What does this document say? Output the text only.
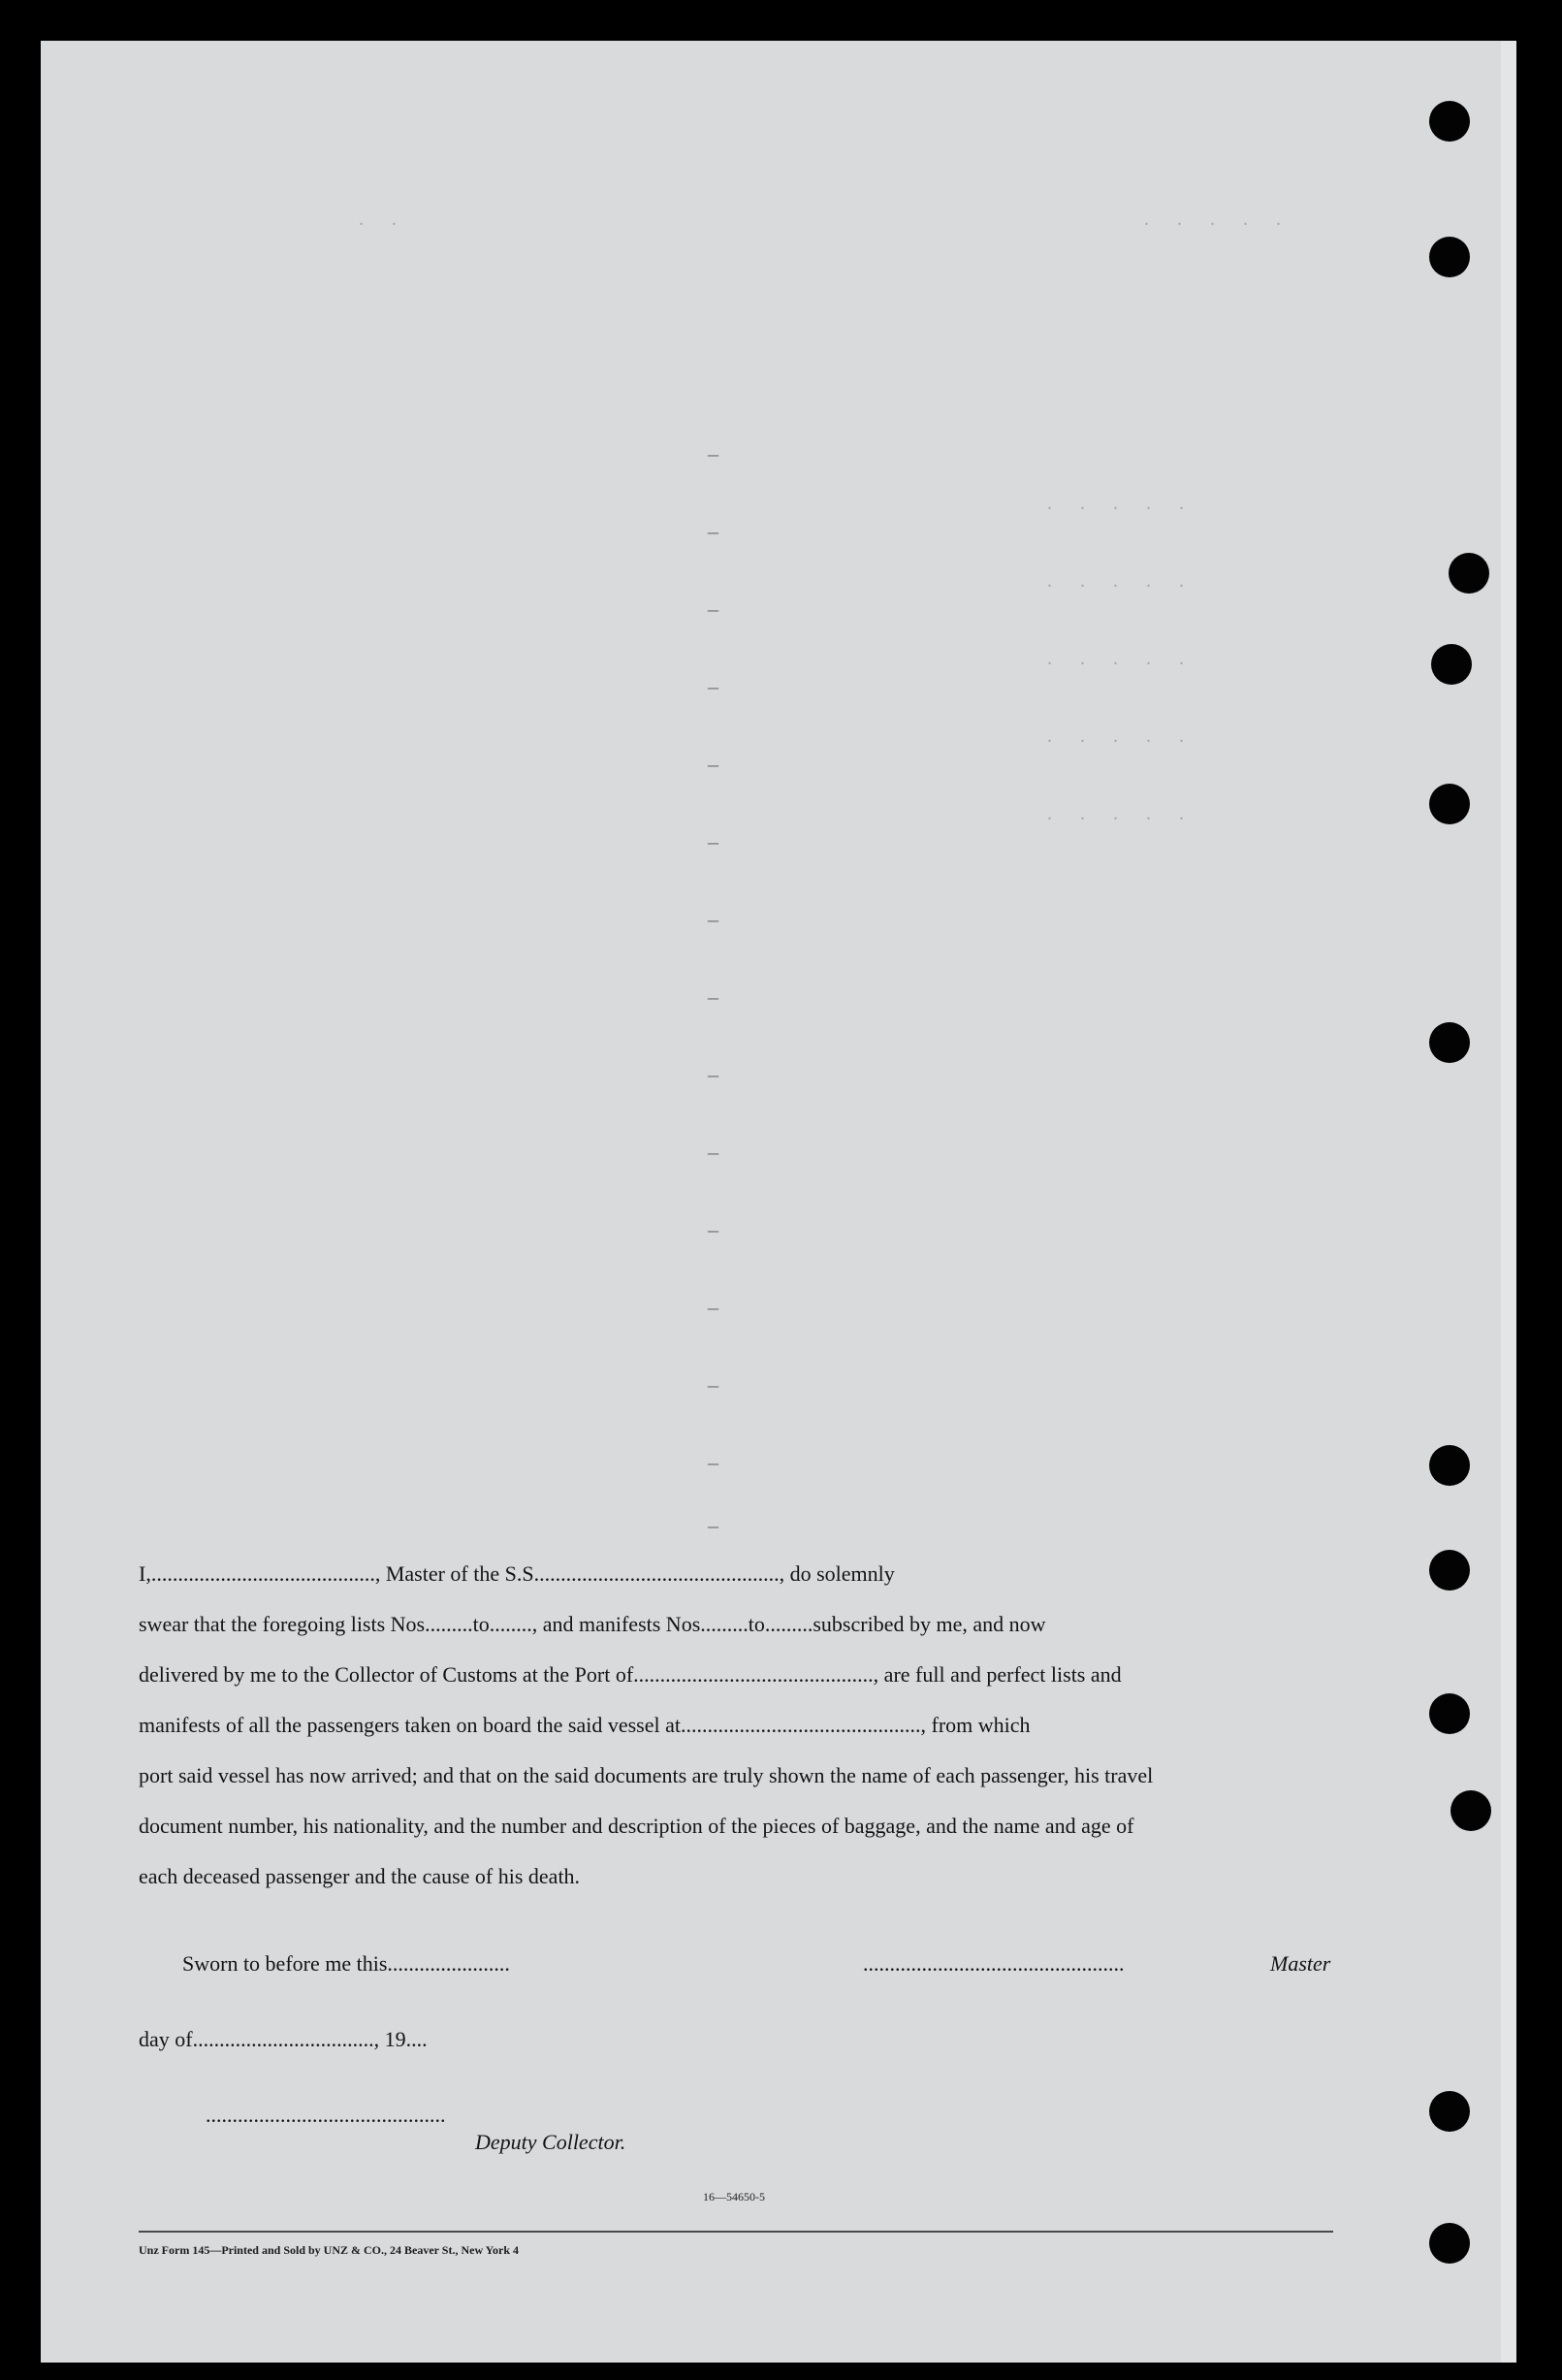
. .	. . . . .
–
–
–
–
–
–
–
–
–
–
–
–
–
–
–
. . . . .
. . . . .
. . . . .
. . . . .
. . . . .
I,.........................................., Master of the S.S.............................................., do solemnly
swear that the foregoing lists Nos.........to........, and manifests Nos.........to.........subscribed by me, and now
delivered by me to the Collector of Customs at the Port of............................................., are full and perfect lists and
manifests of all the passengers taken on board the said vessel at............................................., from which
port said vessel has now arrived; and that on the said documents are truly shown the name of each passenger, his travel
document number, his nationality, and the number and description of the pieces of baggage, and the name and age of
each deceased passenger and the cause of his death.
Sworn to before me this.......................	.................................................	Master
day of.................................., 19....
.............................................
Deputy Collector.
16—54650-5
Unz Form 145—Printed and Sold by UNZ & CO., 24 Beaver St., New York 4
